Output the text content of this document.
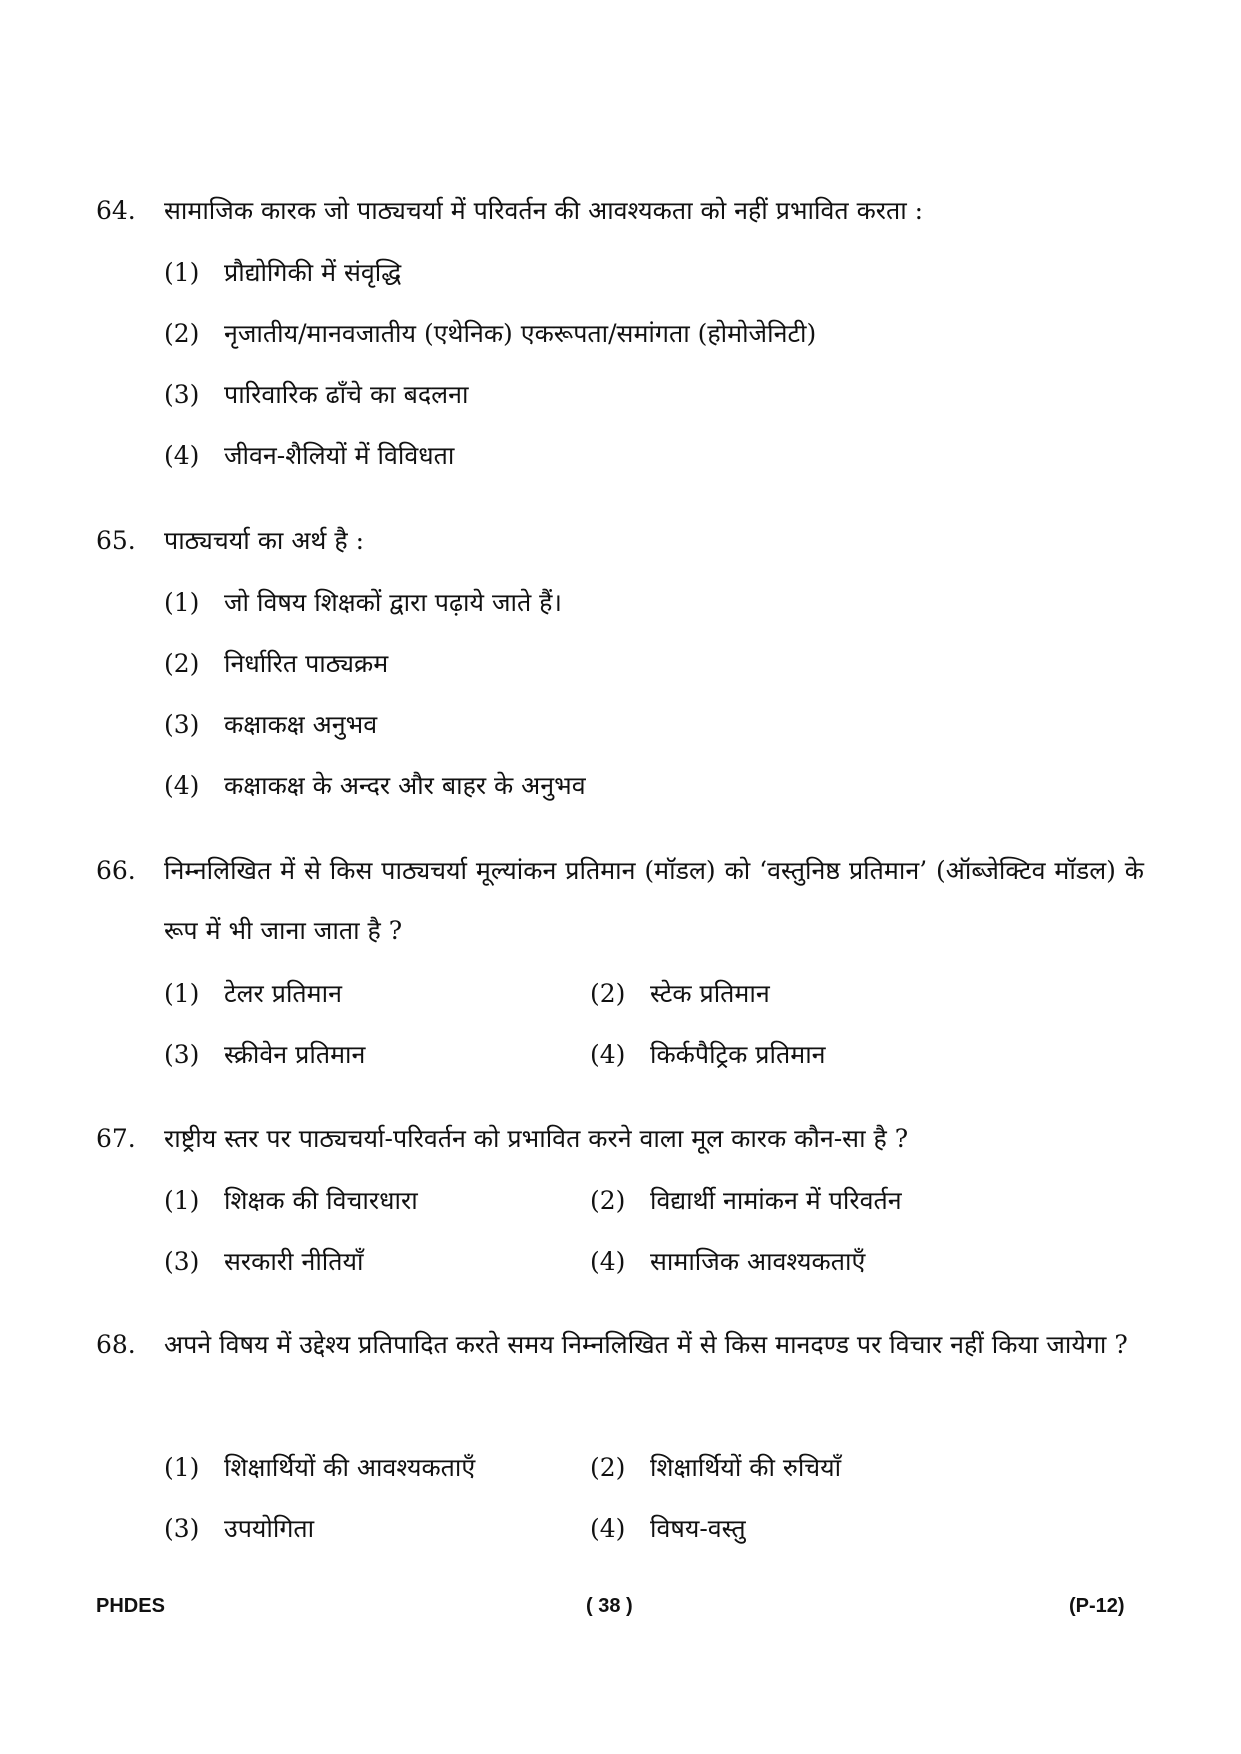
64.	सामाजिक कारक जो पाठ्यचर्या में परिवर्तन की आवश्यकता को नहीं प्रभावित करता :
(1) प्रौद्योगिकी में संवृद्धि
(2) नृजातीय/मानवजातीय (एथेनिक) एकरूपता/समांगता (होमोजेनिटी)
(3) पारिवारिक ढाँचे का बदलना
(4) जीवन-शैलियों में विविधता
65.	पाठ्यचर्या का अर्थ है :
(1) जो विषय शिक्षकों द्वारा पढ़ाये जाते हैं।
(2) निर्धारित पाठ्यक्रम
(3) कक्षाकक्ष अनुभव
(4) कक्षाकक्ष के अन्दर और बाहर के अनुभव
66.	निम्नलिखित में से किस पाठ्यचर्या मूल्यांकन प्रतिमान (मॉडल) को ‘वस्तुनिष्ठ प्रतिमान’ (ऑब्जेक्टिव मॉडल) के रूप में भी जाना जाता है ?
(1) टेलर प्रतिमान	(2) स्टेक प्रतिमान
(3) स्क्रीवेन प्रतिमान	(4) किर्कपैट्रिक प्रतिमान
67.	राष्ट्रीय स्तर पर पाठ्यचर्या-परिवर्तन को प्रभावित करने वाला मूल कारक कौन-सा है ?
(1) शिक्षक की विचारधारा	(2) विद्यार्थी नामांकन में परिवर्तन
(3) सरकारी नीतियाँ	(4) सामाजिक आवश्यकताएँ
68.	अपने विषय में उद्देश्य प्रतिपादित करते समय निम्नलिखित में से किस मानदण्ड पर विचार नहीं किया जायेगा ?
(1) शिक्षार्थियों की आवश्यकताएँ	(2) शिक्षार्थियों की रुचियाँ
(3) उपयोगिता	(4) विषय-वस्तु
PHDES	( 38 )	(P-12)
